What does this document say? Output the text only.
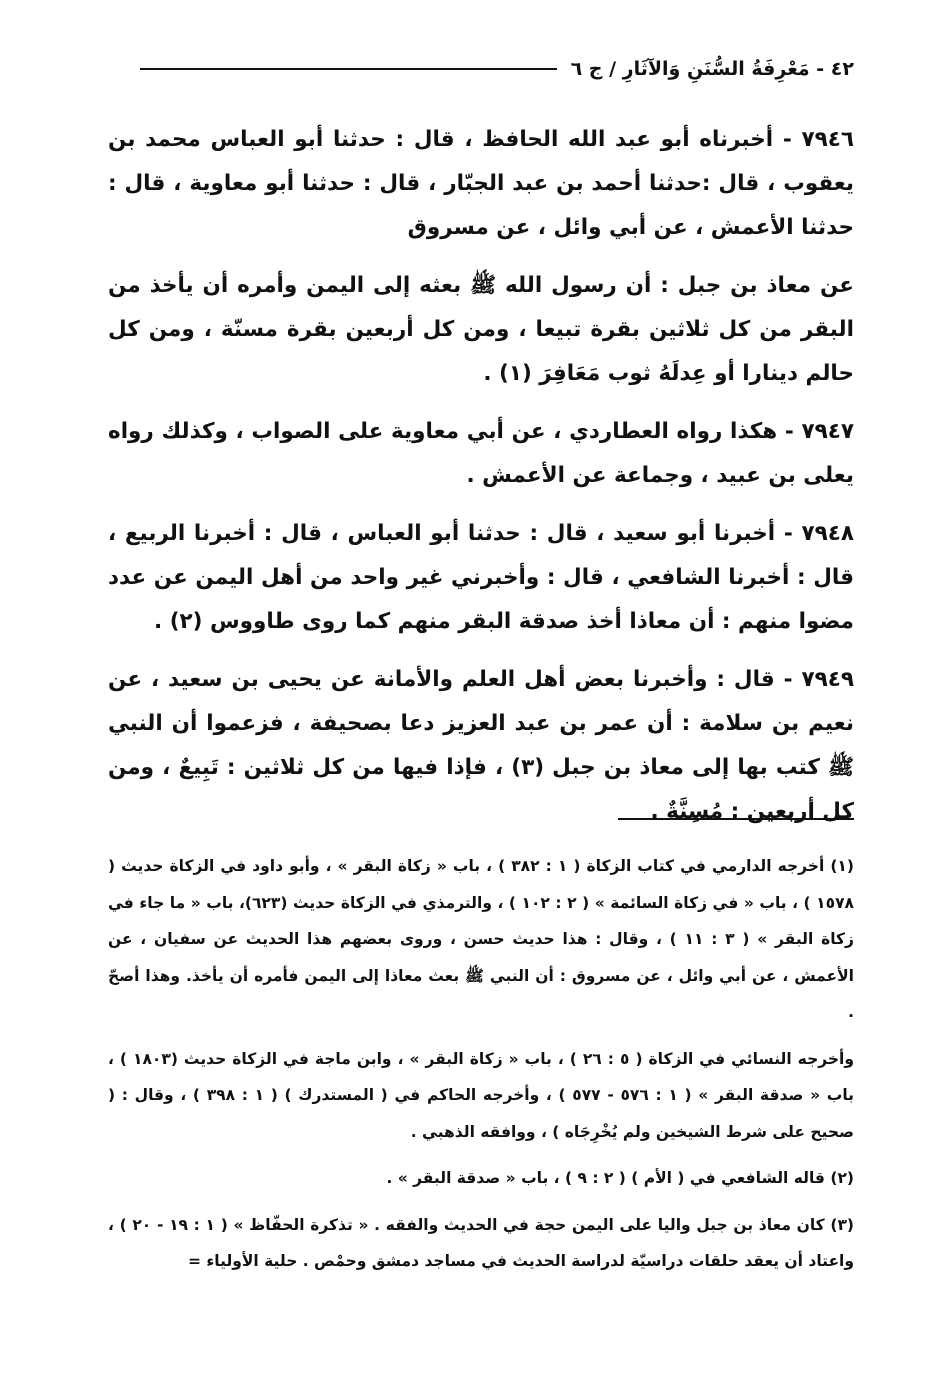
٤٢ - مَعْرِفَةُ السُّنَنِ وَالآثَارِ / ج ٦

٧٩٤٦ - أخبرناه أبو عبد الله الحافظ ، قال : حدثنا أبو العباس محمد بن يعقوب ، قال :حدثنا أحمد بن عبد الجبّار ، قال : حدثنا أبو معاوية ، قال : حدثنا الأعمش ، عن أبي وائل ، عن مسروق

عن معاذ بن جبل : أن رسول الله ﷺ بعثه إلى اليمن وأمره أن يأخذ من البقر من كل ثلاثين بقرة تبيعا ، ومن كل أربعين بقرة مسنّة ، ومن كل حالم دينارا أو عِدلَهُ ثوب مَعَافِرَ (١) .

٧٩٤٧ - هكذا رواه العطاردي ، عن أبي معاوية على الصواب ، وكذلك رواه يعلى بن عبيد ، وجماعة عن الأعمش .

٧٩٤٨ - أخبرنا أبو سعيد ، قال : حدثنا أبو العباس ، قال : أخبرنا الربيع ، قال : أخبرنا الشافعي ، قال : وأخبرني غير واحد من أهل اليمن عن عدد مضوا منهم : أن معاذا أخذ صدقة البقر منهم كما روى طاووس (٢) .

٧٩٤٩ - قال : وأخبرنا بعض أهل العلم والأمانة عن يحيى بن سعيد ، عن نعيم بن سلامة : أن عمر بن عبد العزيز دعا بصحيفة ، فزعموا أن النبي ﷺ كتب بها إلى معاذ بن جبل (٣) ، فإذا فيها من كل ثلاثين : تَبِيعٌ ، ومن كل أربعين : مُسِنَّةٌ .

(١) أخرجه الدارمي في كتاب الزكاة ( ١ : ٣٨٢ ) ، باب « زكاة البقر » ، وأبو داود في الزكاة حديث ( ١٥٧٨ ) ، باب « في زكاة السائمة » ( ٢ : ١٠٢ ) ، والترمذي في الزكاة حديث (٦٢٣)، باب « ما جاء في زكاة البقر » ( ٣ : ١١ ) ، وقال : هذا حديث حسن ، وروى بعضهم هذا الحديث عن سفيان ، عن الأعمش ، عن أبي وائل ، عن مسروق : أن النبي ﷺ بعث معاذا إلى اليمن فأمره أن يأخذ. وهذا أصحّ .

وأخرجه النسائي في الزكاة ( ٥ : ٢٦ ) ، باب « زكاة البقر » ، وابن ماجة في الزكاة حديث (١٨٠٣ ) ، باب « صدقة البقر » ( ١ : ٥٧٦ - ٥٧٧ ) ، وأخرجه الحاكم في ( المستدرك ) ( ١ : ٣٩٨ ) ، وقال : ( صحيح على شرط الشيخين ولم يُخْرِجَاه ) ، ووافقه الذهبي .

(٢) قاله الشافعي في ( الأم ) ( ٢ : ٩ ) ، باب « صدقة البقر » .

(٣) كان معاذ بن جبل واليا على اليمن حجة في الحديث والفقه . « تذكرة الحفّاظ » ( ١ : ١٩ - ٢٠ ) ، واعتاد أن يعقد حلقات دراسيّة لدراسة الحديث في مساجد دمشق وحمْص . حلية الأولياء =
